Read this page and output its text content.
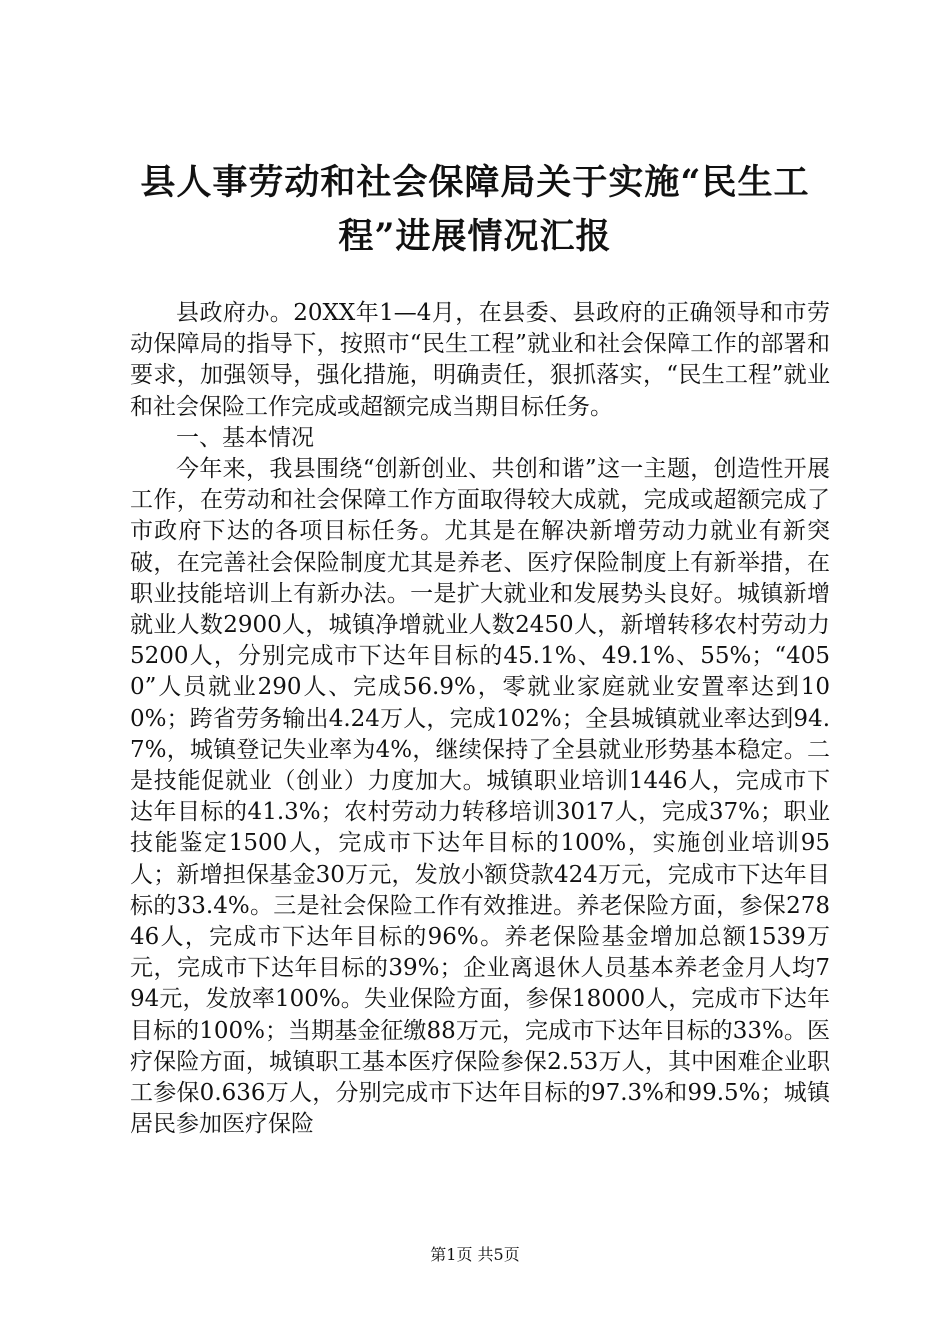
县人事劳动和社会保障局关于实施“民生工程”进展情况汇报

县政府办。20XX年1—4月，在县委、县政府的正确领导和市劳动保障局的指导下，按照市“民生工程”就业和社会保障工作的部署和要求，加强领导，强化措施，明确责任，狠抓落实，“民生工程”就业和社会保险工作完成或超额完成当期目标任务。

一、基本情况

今年来，我县围绕“创新创业、共创和谐”这一主题，创造性开展工作，在劳动和社会保障工作方面取得较大成就，完成或超额完成了市政府下达的各项目标任务。尤其是在解决新增劳动力就业有新突破，在完善社会保险制度尤其是养老、医疗保险制度上有新举措，在职业技能培训上有新办法。一是扩大就业和发展势头良好。城镇新增就业人数2900人，城镇净增就业人数2450人，新增转移农村劳动力5200人，分别完成市下达年目标的45.1%、49.1%、55%；“4050”人员就业290人、完成56.9%，零就业家庭就业安置率达到100%；跨省劳务输出4.24万人，完成102%；全县城镇就业率达到94.7%，城镇登记失业率为4%，继续保持了全县就业形势基本稳定。二是技能促就业（创业）力度加大。城镇职业培训1446人，完成市下达年目标的41.3%；农村劳动力转移培训3017人，完成37%；职业技能鉴定1500人，完成市下达年目标的100%，实施创业培训95人；新增担保基金30万元，发放小额贷款424万元，完成市下达年目标的33.4%。三是社会保险工作有效推进。养老保险方面，参保27846人，完成市下达年目标的96%。养老保险基金增加总额1539万元，完成市下达年目标的39%；企业离退休人员基本养老金月人均794元，发放率100%。失业保险方面，参保18000人，完成市下达年目标的100%；当期基金征缴88万元，完成市下达年目标的33%。医疗保险方面，城镇职工基本医疗保险参保2.53万人，其中困难企业职工参保0.636万人，分别完成市下达年目标的97.3%和99.5%；城镇居民参加医疗保险

第1页 共5页
